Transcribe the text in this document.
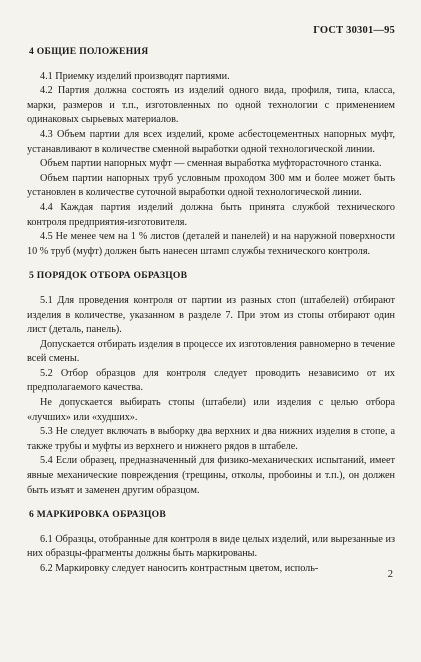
ГОСТ 30301—95
4 ОБЩИЕ ПОЛОЖЕНИЯ

4.1 Приемку изделий производят партиями.

4.2 Партия должна состоять из изделий одного вида, профиля, типа, класса, марки, размеров и т.п., изготовленных по одной технологии с применением одинаковых сырьевых материалов.

4.3 Объем партии для всех изделий, кроме асбестоцементных напорных муфт, устанавливают в количестве сменной выработки одной технологической линии.

Объем партии напорных муфт — сменная выработка муфторасточного станка.

Объем партии напорных труб условным проходом 300 мм и более может быть установлен в количестве суточной выработки одной технологической линии.

4.4 Каждая партия изделий должна быть принята службой технического контроля предприятия-изготовителя.

4.5 Не менее чем на 1 % листов (деталей и панелей) и на наружной поверхности 10 % труб (муфт) должен быть нанесен штамп службы технического контроля.

5 ПОРЯДОК ОТБОРА ОБРАЗЦОВ

5.1 Для проведения контроля от партии из разных стоп (штабелей) отбирают изделия в количестве, указанном в разделе 7. При этом из стопы отбирают один лист (деталь, панель).

Допускается отбирать изделия в процессе их изготовления равномерно в течение всей смены.

5.2 Отбор образцов для контроля следует проводить независимо от их предполагаемого качества.

Не допускается выбирать стопы (штабели) или изделия с целью отбора «лучших» или «худших».

5.3 Не следует включать в выборку два верхних и два нижних изделия в стопе, а также трубы и муфты из верхнего и нижнего рядов в штабеле.

5.4 Если образец, предназначенный для физико-механических испытаний, имеет явные механические повреждения (трещины, отколы, пробоины и т.п.), он должен быть изъят и заменен другим образцом.

6 МАРКИРОВКА ОБРАЗЦОВ

6.1 Образцы, отобранные для контроля в виде целых изделий, или вырезанные из них образцы-фрагменты должны быть маркированы.

6.2 Маркировку следует наносить контрастным цветом, исполь-

2
